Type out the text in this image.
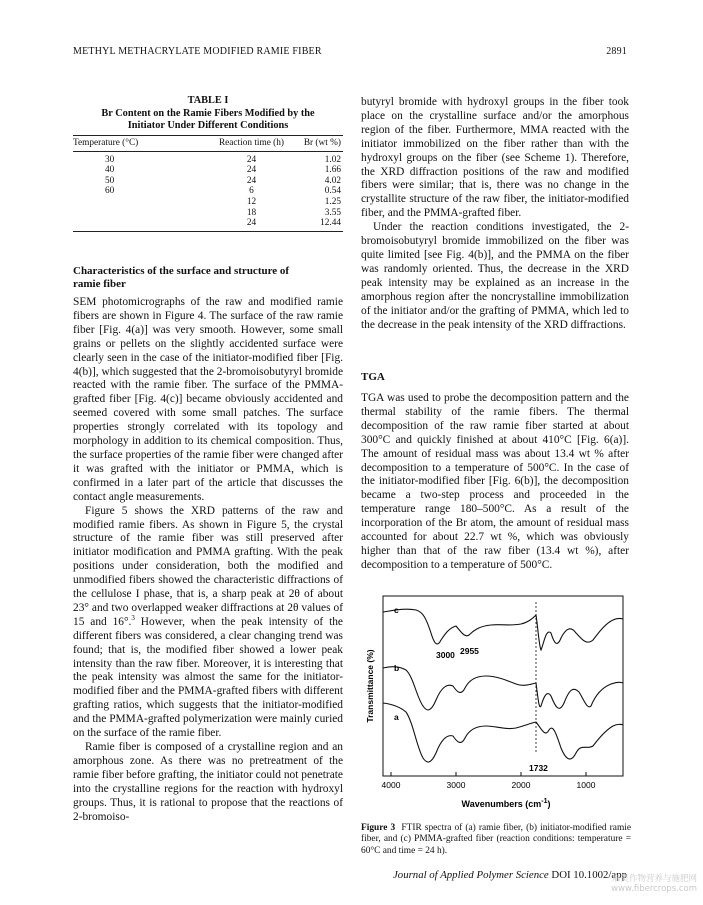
METHYL METHACRYLATE MODIFIED RAMIE FIBER	2891
TABLE I
Br Content on the Ramie Fibers Modified by the
Initiator Under Different Conditions
Temperature (°C)	Reaction time (h)	Br (wt %)
30	24	1.02
40	24	1.66
50	24	4.02
60	6	0.54
	12	1.25
	18	3.55
	24	12.44
Characteristics of the surface and structure of
ramie fiber

SEM photomicrographs of the raw and modified ramie fibers are shown in Figure 4. The surface of the raw ramie fiber [Fig. 4(a)] was very smooth. However, some small grains or pellets on the slightly accidented surface were clearly seen in the case of the initiator-modified fiber [Fig. 4(b)], which suggested that the 2-bromoisobutyryl bromide reacted with the ramie fiber. The surface of the PMMA-grafted fiber [Fig. 4(c)] became obviously accidented and seemed covered with some small patches. The surface properties strongly correlated with its topology and morphology in addition to its chemical composition. Thus, the surface properties of the ramie fiber were changed after it was grafted with the initiator or PMMA, which is confirmed in a later part of the article that discusses the contact angle measurements.

Figure 5 shows the XRD patterns of the raw and modified ramie fibers. As shown in Figure 5, the crystal structure of the ramie fiber was still preserved after initiator modification and PMMA grafting. With the peak positions under consideration, both the modified and unmodified fibers showed the characteristic diffractions of the cellulose I phase, that is, a sharp peak at 2θ of about 23° and two overlapped weaker diffractions at 2θ values of 15 and 16°.$^3$ However, when the peak intensity of the different fibers was considered, a clear changing trend was found; that is, the modified fiber showed a lower peak intensity than the raw fiber. Moreover, it is interesting that the peak intensity was almost the same for the initiator-modified fiber and the PMMA-grafted fibers with different grafting ratios, which suggests that the initiator-modified and the PMMA-grafted polymerization were mainly curied on the surface of the ramie fiber.

Ramie fiber is composed of a crystalline region and an amorphous zone. As there was no pretreatment of the ramie fiber before grafting, the initiator could not penetrate into the crystalline regions for the reaction with hydroxyl groups. Thus, it is rational to propose that the reactions of 2-bromoiso-

butyryl bromide with hydroxyl groups in the fiber took place on the crystalline surface and/or the amorphous region of the fiber. Furthermore, MMA reacted with the initiator immobilized on the fiber rather than with the hydroxyl groups on the fiber (see Scheme 1). Therefore, the XRD diffraction positions of the raw and modified fibers were similar; that is, there was no change in the crystallite structure of the raw fiber, the initiator-modified fiber, and the PMMA-grafted fiber.

Under the reaction conditions investigated, the 2-bromoisobutyryl bromide immobilized on the fiber was quite limited [see Fig. 4(b)], and the PMMA on the fiber was randomly oriented. Thus, the decrease in the XRD peak intensity may be explained as an increase in the amorphous region after the noncrystalline immobilization of the initiator and/or the grafting of PMMA, which led to the decrease in the peak intensity of the XRD diffractions.

TGA

TGA was used to probe the decomposition pattern and the thermal stability of the ramie fibers. The thermal decomposition of the raw ramie fiber started at about 300°C and quickly finished at about 410°C [Fig. 6(a)]. The amount of residual mass was about 13.4 wt % after decomposition to a temperature of 500°C. In the case of the initiator-modified fiber [Fig. 6(b)], the decomposition became a two-step process and proceeded in the temperature range 180–500°C. As a result of the incorporation of the Br atom, the amount of residual mass accounted for about 22.7 wt %, which was obviously higher than that of the raw fiber (13.4 wt %), after decomposition to a temperature of 500°C.

c
b
a
3000 2955
1732
Transmittance (%)
4000	3000	2000	1000
Wavenumbers $(cm^{-1})$
Figure 3 FTIR spectra of (a) ramie fiber, (b) initiator-modified ramie fiber, and (c) PMMA-grafted fiber (reaction conditions: temperature = 60°C and time = 24 h).
Journal of Applied Polymer Science DOI 10.1002/app
麻类作物营养与施肥网
www.fibercrops.com
